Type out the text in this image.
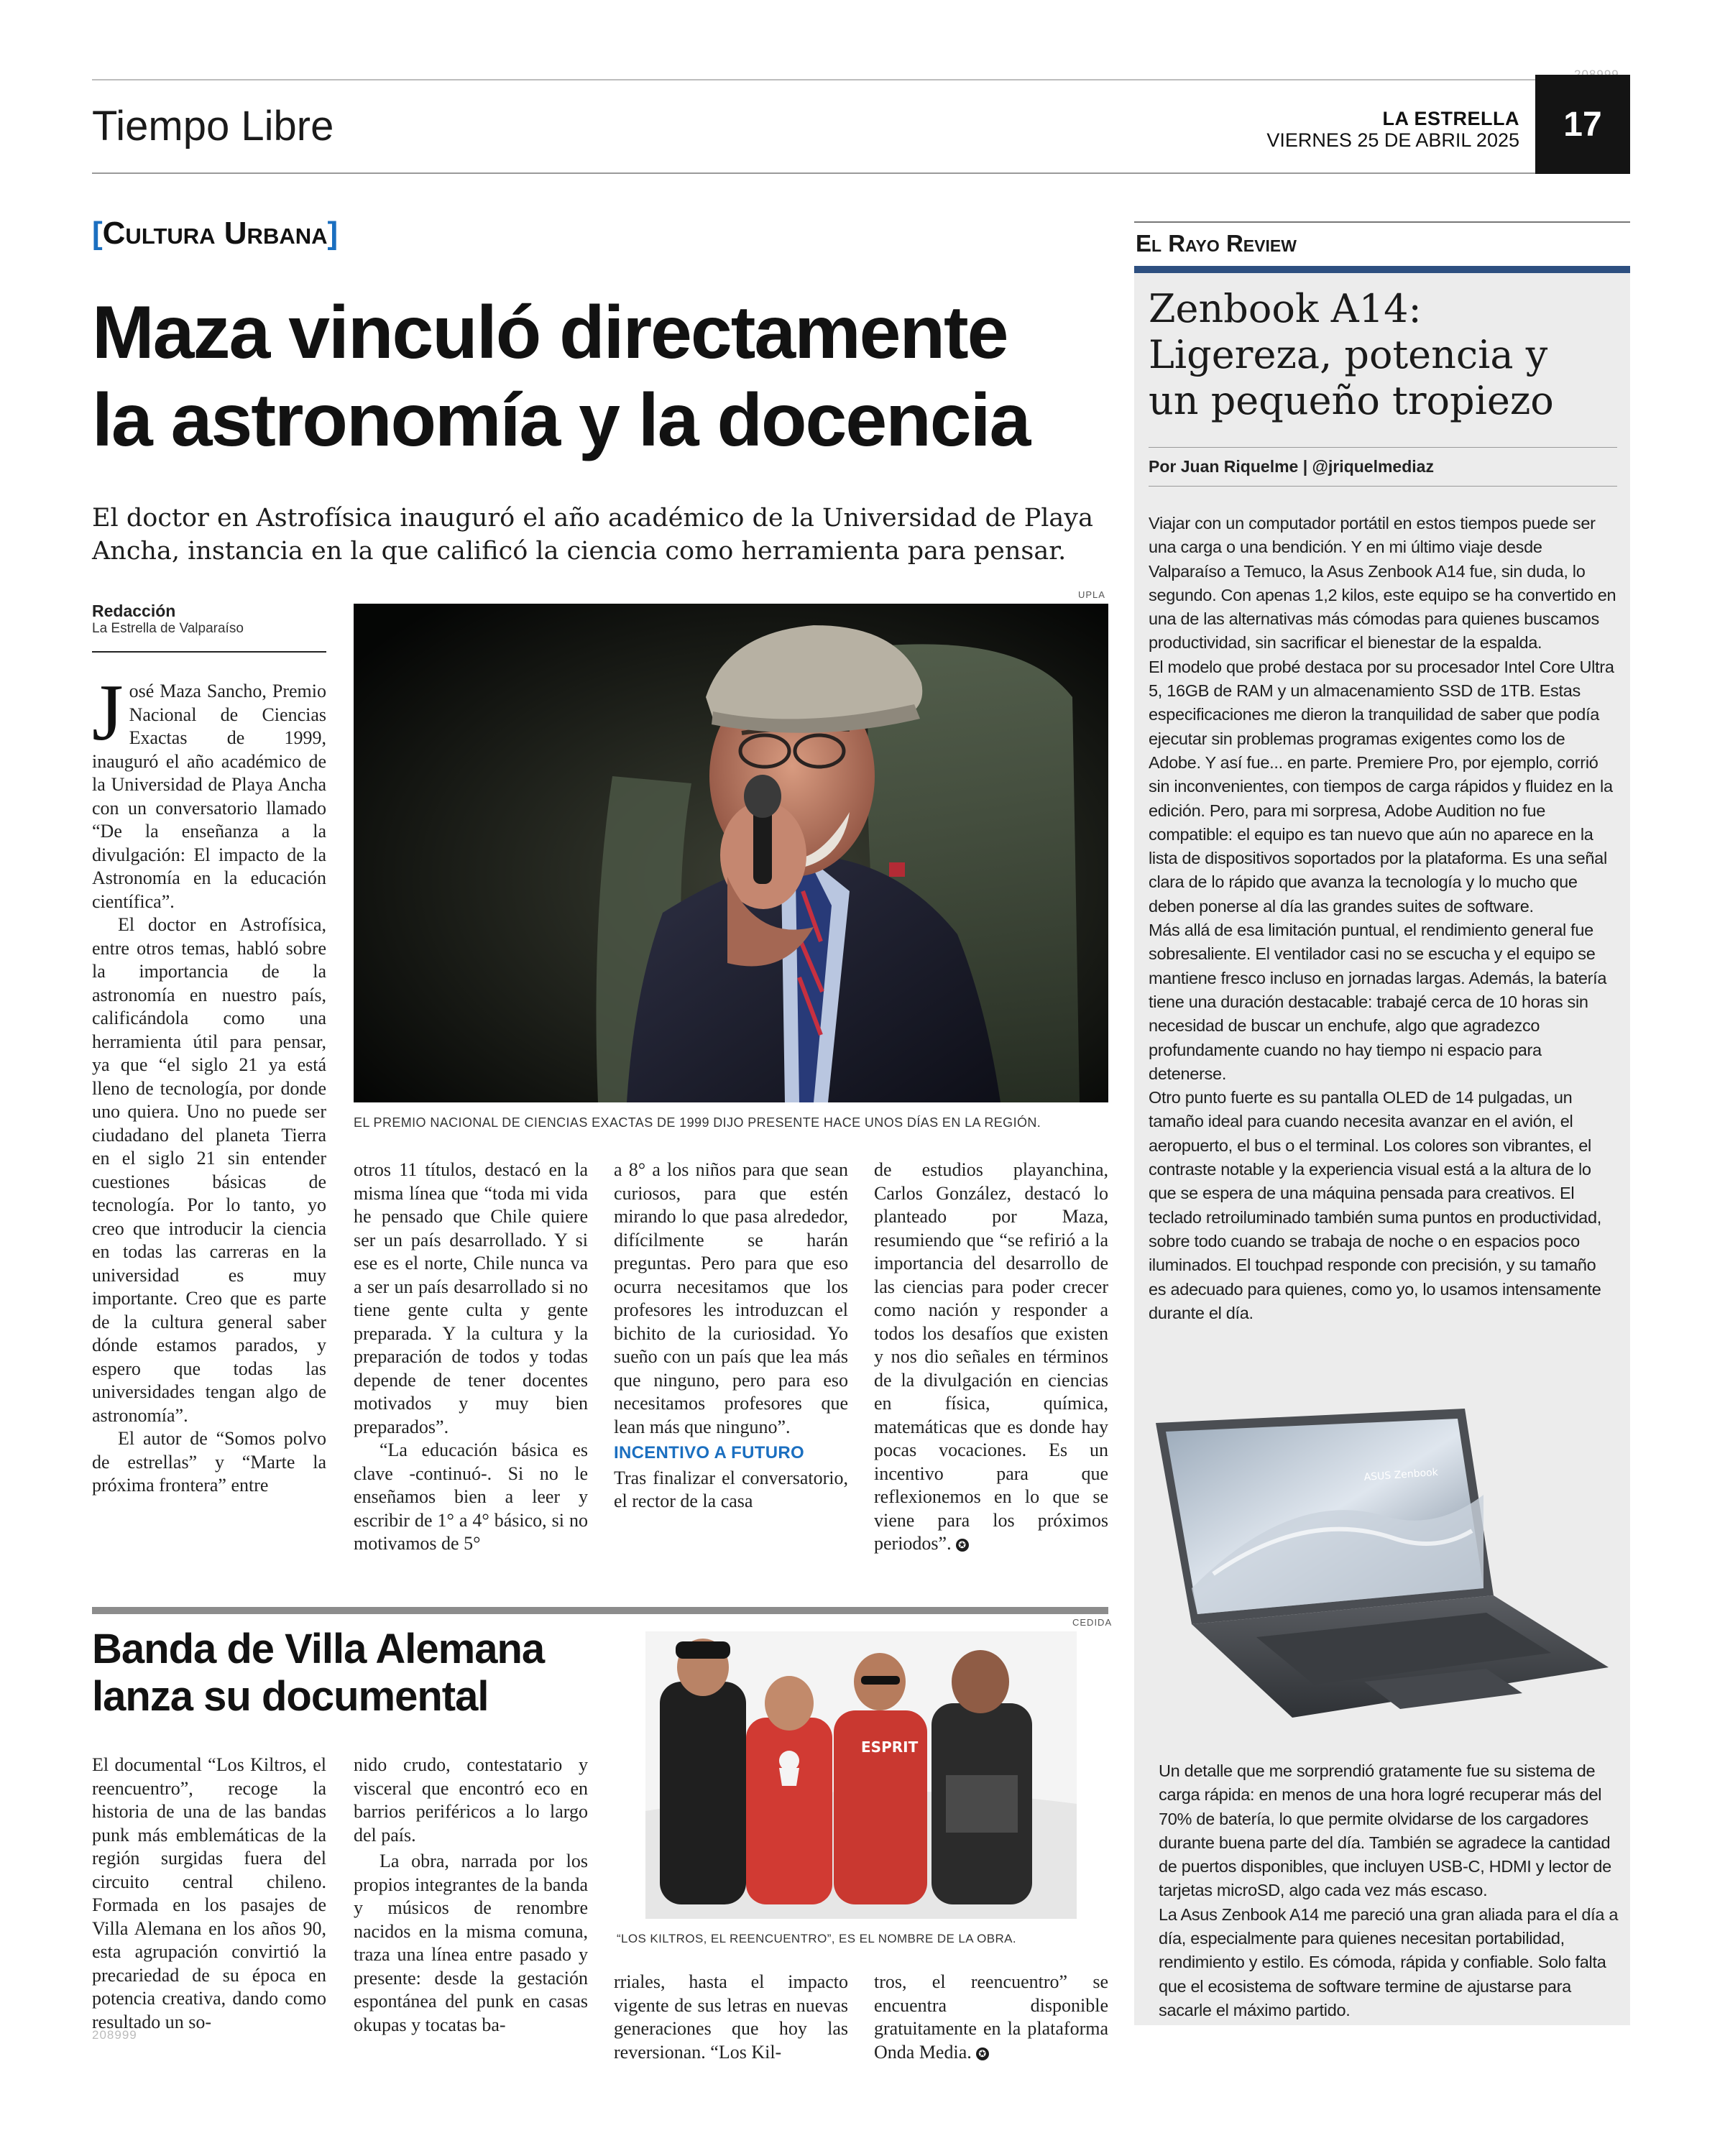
Tiempo Libre	LA ESTRELLA
VIERNES 25 DE ABRIL 2025 17
[Cultura Urbana]
Maza vinculó directamente
la astronomía y la docencia
El doctor en Astrofísica inauguró el año académico de la Universidad de Playa Ancha, instancia en la que calificó la ciencia como herramienta para pensar.
Redacción
La Estrella de Valparaíso
UPLA
EL PREMIO NACIONAL DE CIENCIAS EXACTAS DE 1999 DIJO PRESENTE HACE UNOS DÍAS EN LA REGIÓN.

José Maza Sancho, Premio Nacional de Ciencias Exactas de 1999, inauguró el año académico de la Universidad de Playa Ancha con un conversatorio llamado “De la enseñanza a la divulgación: El impacto de la Astronomía en la educación científica”.

El doctor en Astrofísica, entre otros temas, habló sobre la importancia de la astronomía en nuestro país, calificándola como una herramienta útil para pensar, ya que “el siglo 21 ya está lleno de tecnología, por donde uno quiera. Uno no puede ser ciudadano del planeta Tierra en el siglo 21 sin entender cuestiones básicas de tecnología. Por lo tanto, yo creo que introducir la ciencia en todas las carreras en la universidad es muy importante. Creo que es parte de la cultura general saber dónde estamos parados, y espero que todas las universidades tengan algo de astronomía”.

El autor de “Somos polvo de estrellas” y “Marte la próxima frontera” entre

otros 11 títulos, destacó en la misma línea que “toda mi vida he pensado que Chile quiere ser un país desarrollado. Y si ese es el norte, Chile nunca va a ser un país desarrollado si no tiene gente culta y gente preparada. Y la cultura y la preparación de todos y todas depende de tener docentes motivados y muy bien preparados”.

“La educación básica es clave -continuó-. Si no le enseñamos bien a leer y escribir de 1° a 4° básico, si no motivamos de 5°

a 8° a los niños para que sean curiosos, para que estén mirando lo que pasa alrededor, difícilmente se harán preguntas. Pero para que eso ocurra necesitamos que los profesores les introduzcan el bichito de la curiosidad. Yo sueño con un país que lea más que ninguno, pero para eso necesitamos profesores que lean más que ninguno”.

INCENTIVO A FUTURO

Tras finalizar el conversatorio, el rector de la casa

de estudios playanchina, Carlos González, destacó lo planteado por Maza, resumiendo que “se refirió a la importancia del desarrollo de las ciencias para poder crecer como nación y responder a todos los desafíos que existen y nos dio señales en términos de la divulgación en ciencias en física, química, matemáticas que es donde hay pocas vocaciones. Es un incentivo para que reflexionemos en lo que se viene para los próximos periodos”. ✪

Banda de Villa Alemana
lanza su documental
CEDIDA
ESPRIT
“LOS KILTROS, EL REENCUENTRO”, ES EL NOMBRE DE LA OBRA.

El documental “Los Kiltros, el reencuentro”, recoge la historia de una de las bandas punk más emblemáticas de la región surgidas fuera del circuito central chileno. Formada en los pasajes de Villa Alemana en los años 90, esta agrupación convirtió la precariedad de su época en potencia creativa, dando como resultado un so-

nido crudo, contestatario y visceral que encontró eco en barrios periféricos a lo largo del país.

La obra, narrada por los propios integrantes de la banda y músicos de renombre nacidos en la misma comuna, traza una línea entre pasado y presente: desde la gestación espontánea del punk en casas okupas y tocatas ba-

rriales, hasta el impacto vigente de sus letras en nuevas generaciones que hoy las reversionan. “Los Kil-

tros, el reencuentro” se encuentra disponible gratuitamente en la plataforma Onda Media. ✪

208999
El Rayo Review
Zenbook A14:
Ligereza, potencia y
un pequeño tropiezo
Por Juan Riquelme | @jriquelmediaz

Viajar con un computador portátil en estos tiempos puede ser una carga o una bendición. Y en mi último viaje desde Valparaíso a Temuco, la Asus Zenbook A14 fue, sin duda, lo segundo. Con apenas 1,2 kilos, este equipo se ha convertido en una de las alternativas más cómodas para quienes buscamos productividad, sin sacrificar el bienestar de la espalda.

El modelo que probé destaca por su procesador Intel Core Ultra 5, 16GB de RAM y un almacenamiento SSD de 1TB. Estas especificaciones me dieron la tranquilidad de saber que podía ejecutar sin problemas programas exigentes como los de Adobe. Y así fue... en parte. Premiere Pro, por ejemplo, corrió sin inconvenientes, con tiempos de carga rápidos y fluidez en la edición. Pero, para mi sorpresa, Adobe Audition no fue compatible: el equipo es tan nuevo que aún no aparece en la lista de dispositivos soportados por la plataforma. Es una señal clara de lo rápido que avanza la tecnología y lo mucho que deben ponerse al día las grandes suites de software.

Más allá de esa limitación puntual, el rendimiento general fue sobresaliente. El ventilador casi no se escucha y el equipo se mantiene fresco incluso en jornadas largas. Además, la batería tiene una duración destacable: trabajé cerca de 10 horas sin necesidad de buscar un enchufe, algo que agradezco profundamente cuando no hay tiempo ni espacio para detenerse.

Otro punto fuerte es su pantalla OLED de 14 pulgadas, un tamaño ideal para cuando necesita avanzar en el avión, el aeropuerto, el bus o el terminal. Los colores son vibrantes, el contraste notable y la experiencia visual está a la altura de lo que se espera de una máquina pensada para creativos. El teclado retroiluminado también suma puntos en productividad, sobre todo cuando se trabaja de noche o en espacios poco iluminados. El touchpad responde con precisión, y su tamaño es adecuado para quienes, como yo, lo usamos intensamente durante el día.

ASUS Zenbook

Un detalle que me sorprendió gratamente fue su sistema de carga rápida: en menos de una hora logré recuperar más del 70% de batería, lo que permite olvidarse de los cargadores durante buena parte del día. También se agradece la cantidad de puertos disponibles, que incluyen USB-C, HDMI y lector de tarjetas microSD, algo cada vez más escaso.

La Asus Zenbook A14 me pareció una gran aliada para el día a día, especialmente para quienes necesitan portabilidad, rendimiento y estilo. Es cómoda, rápida y confiable. Solo falta que el ecosistema de software termine de ajustarse para sacarle el máximo partido.
